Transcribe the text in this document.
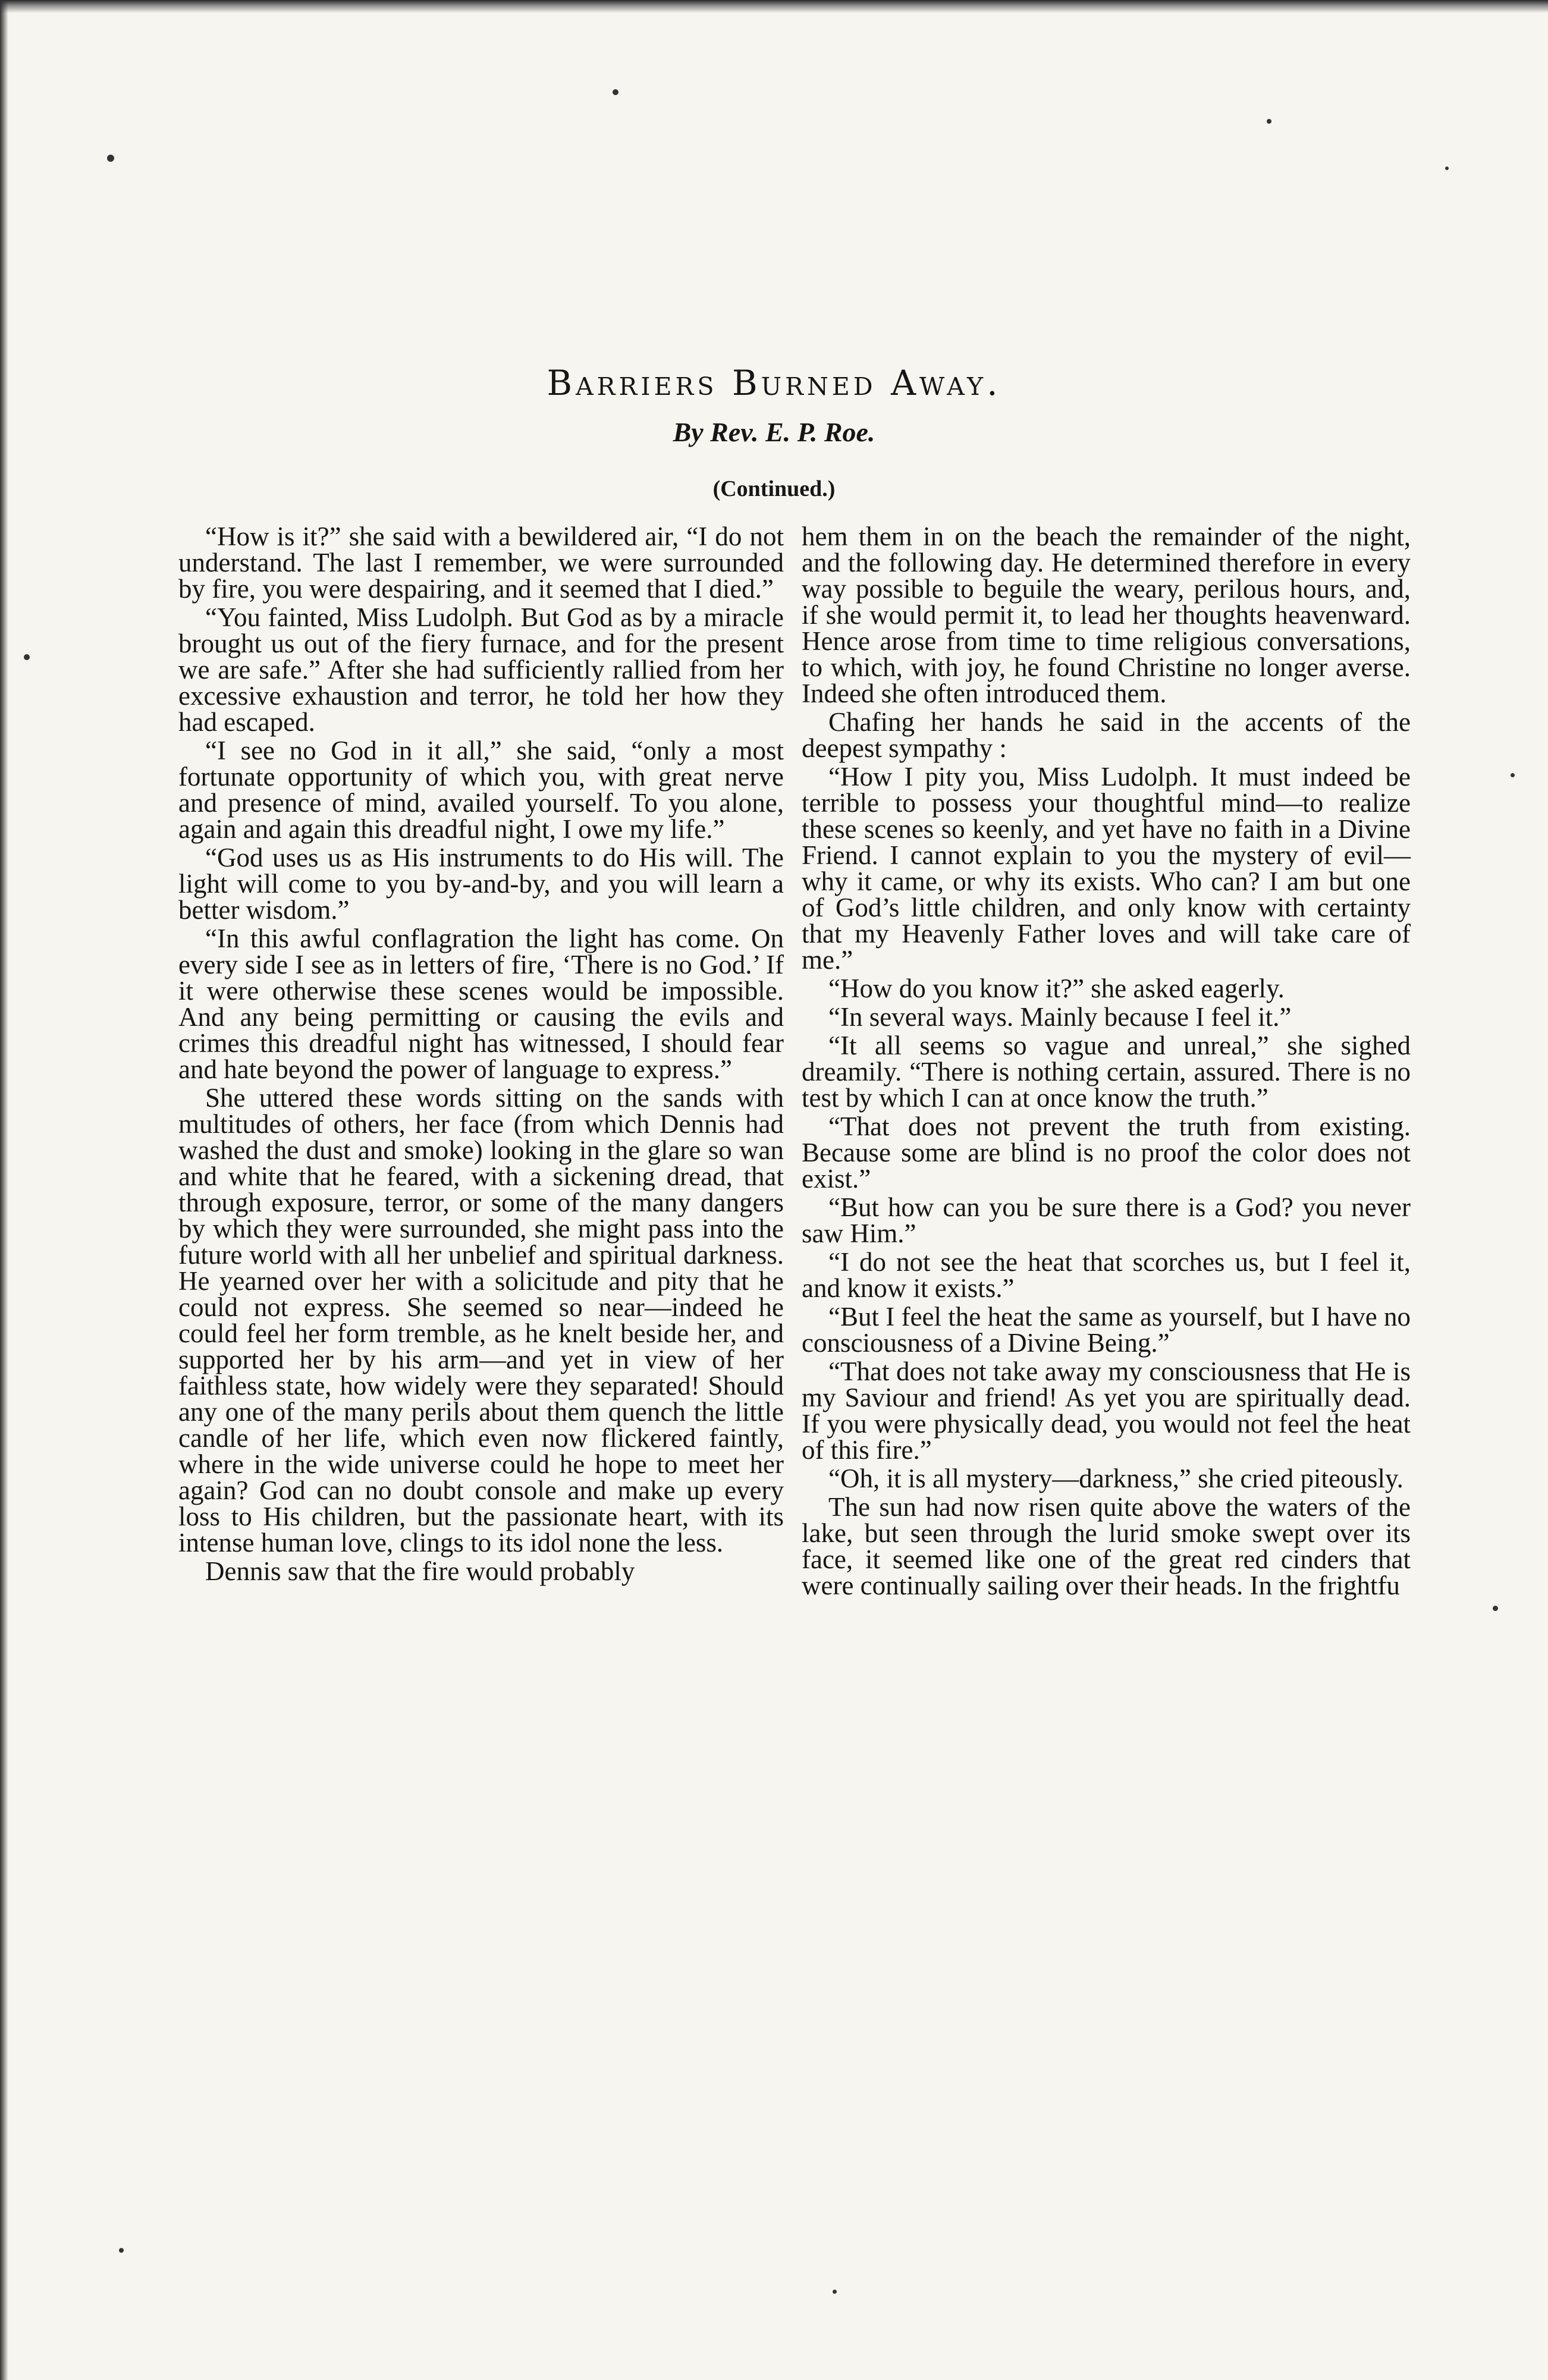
Barriers Burned Away.
By Rev. E. P. Roe.
(Continued.)

“How is it?” she said with a bewildered air, “I do not understand. The last I remember, we were surrounded by fire, you were despairing, and it seemed that I died.”

“You fainted, Miss Ludolph. But God as by a miracle brought us out of the fiery furnace, and for the present we are safe.” After she had sufficiently rallied from her excessive exhaustion and terror, he told her how they had escaped.

“I see no God in it all,” she said, “only a most fortunate opportunity of which you, with great nerve and presence of mind, availed yourself. To you alone, again and again this dreadful night, I owe my life.”

“God uses us as His instruments to do His will. The light will come to you by-and-by, and you will learn a better wisdom.”

“In this awful conflagration the light has come. On every side I see as in letters of fire, ‘There is no God.’ If it were otherwise these scenes would be impossible. And any being permitting or causing the evils and crimes this dreadful night has witnessed, I should fear and hate beyond the power of language to express.”

She uttered these words sitting on the sands with multitudes of others, her face (from which Dennis had washed the dust and smoke) looking in the glare so wan and white that he feared, with a sickening dread, that through exposure, terror, or some of the many dangers by which they were surrounded, she might pass into the future world with all her unbelief and spiritual darkness. He yearned over her with a solicitude and pity that he could not express. She seemed so near—indeed he could feel her form tremble, as he knelt beside her, and supported her by his arm—and yet in view of her faithless state, how widely were they separated! Should any one of the many perils about them quench the little candle of her life, which even now flickered faintly, where in the wide universe could he hope to meet her again? God can no doubt console and make up every loss to His children, but the passionate heart, with its intense human love, clings to its idol none the less.

Dennis saw that the fire would probably

hem them in on the beach the remainder of the night, and the following day. He determined therefore in every way possible to beguile the weary, perilous hours, and, if she would permit it, to lead her thoughts heavenward. Hence arose from time to time religious conversations, to which, with joy, he found Christine no longer averse. Indeed she often introduced them.

Chafing her hands he said in the accents of the deepest sympathy :

“How I pity you, Miss Ludolph. It must indeed be terrible to possess your thoughtful mind—to realize these scenes so keenly, and yet have no faith in a Divine Friend. I cannot explain to you the mystery of evil—why it came, or why its exists. Who can? I am but one of God’s little children, and only know with certainty that my Heavenly Father loves and will take care of me.”

“How do you know it?” she asked eagerly.

“In several ways. Mainly because I feel it.”

“It all seems so vague and unreal,” she sighed dreamily. “There is nothing certain, assured. There is no test by which I can at once know the truth.”

“That does not prevent the truth from existing. Because some are blind is no proof the color does not exist.”

“But how can you be sure there is a God? you never saw Him.”

“I do not see the heat that scorches us, but I feel it, and know it exists.”

“But I feel the heat the same as yourself, but I have no consciousness of a Divine Being.”

“That does not take away my consciousness that He is my Saviour and friend! As yet you are spiritually dead. If you were physically dead, you would not feel the heat of this fire.”

“Oh, it is all mystery—darkness,” she cried piteously.

The sun had now risen quite above the waters of the lake, but seen through the lurid smoke swept over its face, it seemed like one of the great red cinders that were continually sailing over their heads. In the frightfu
